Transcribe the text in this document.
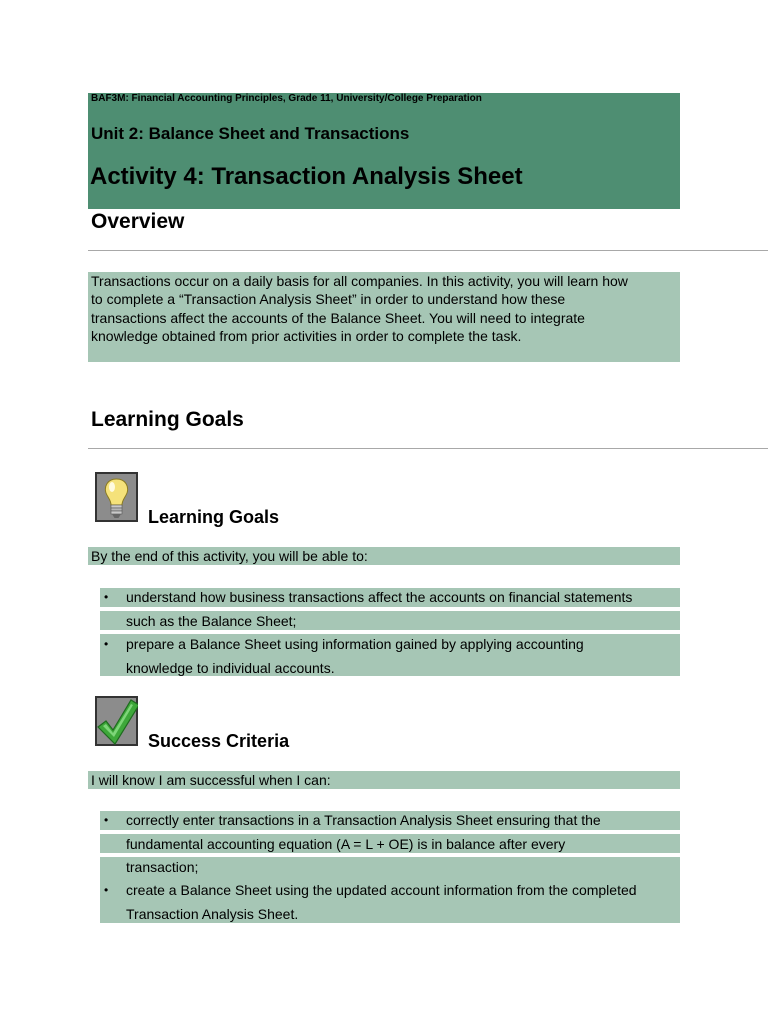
BAF3M: Financial Accounting Principles, Grade 11, University/College Preparation
Unit 2: Balance Sheet and Transactions
Activity 4: Transaction Analysis Sheet
Overview
Transactions occur on a daily basis for all companies. In this activity, you will learn how
to complete a “Transaction Analysis Sheet” in order to understand how these
transactions affect the accounts of the Balance Sheet. You will need to integrate
knowledge obtained from prior activities in order to complete the task.
Learning Goals
Learning Goals
By the end of this activity, you will be able to:
• understand how business transactions affect the accounts on financial statements
such as the Balance Sheet;
• prepare a Balance Sheet using information gained by applying accounting
knowledge to individual accounts.
Success Criteria
I will know I am successful when I can:
• correctly enter transactions in a Transaction Analysis Sheet ensuring that the
fundamental accounting equation (A = L + OE) is in balance after every
transaction;
• create a Balance Sheet using the updated account information from the completed
Transaction Analysis Sheet.
